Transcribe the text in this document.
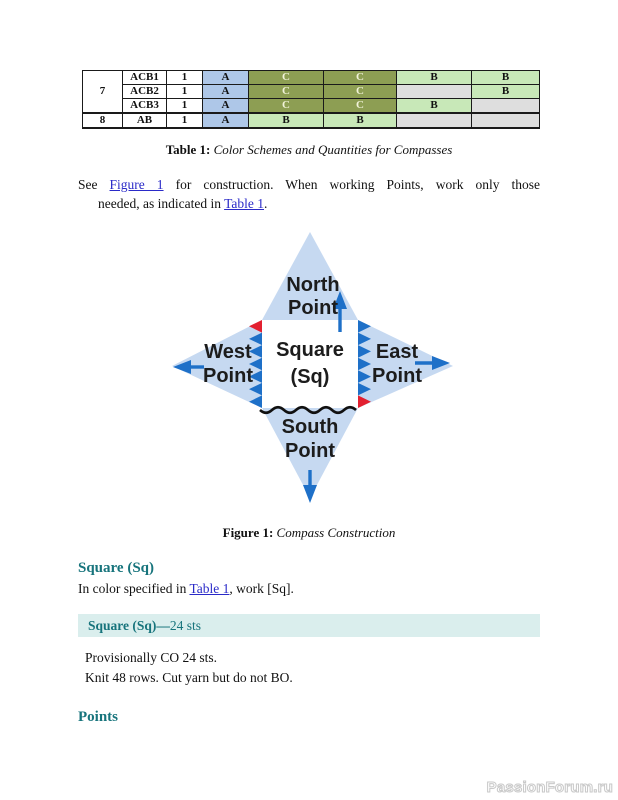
7	ACB1	1	A	C	C	B	B
	ACB2	1	A	C	C		B
	ACB3	1	A	C	C	B	
8	AB	1	A	B	B		
Table 1: Color Schemes and Quantities for Compasses
See Figure 1 for construction. When working Points, work only those
needed, as indicated in Table 1.
North
Point
Square
(Sq)
West
Point
East
Point
South
Point
Figure 1: Compass Construction
Square (Sq)
In color specified in Table 1, work [Sq].
Square (Sq)—24 sts
Provisionally CO 24 sts.
Knit 48 rows. Cut yarn but do not BO.
Points
PassionForum.ru
